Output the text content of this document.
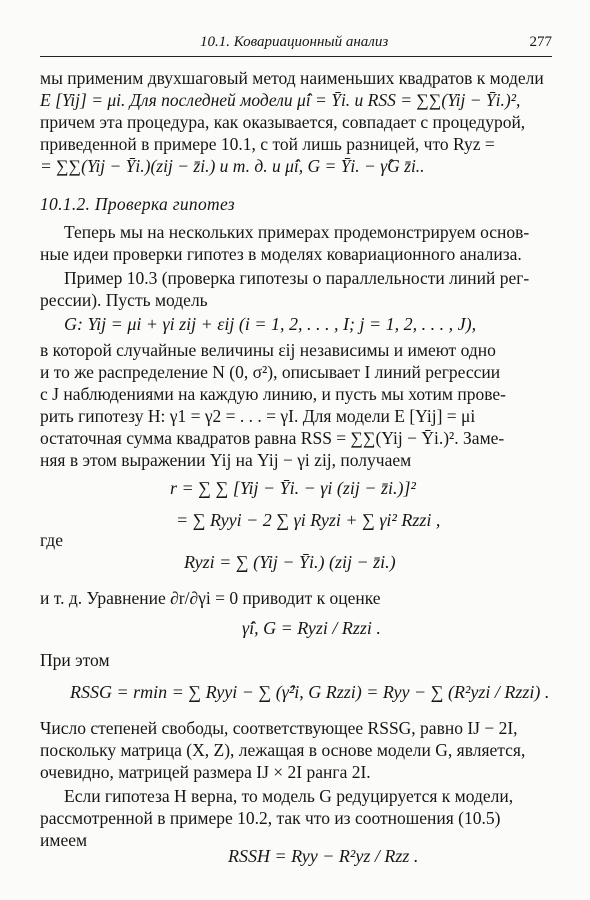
10.1. Ковариационный анализ	277
мы применим двухшаговый метод наименьших квадратов к модели
E [Yij] = μi. Для последней модели μ̂i = Ȳi. и RSS = ∑∑(Yij − Ȳi.)²,
причем эта процедура, как оказывается, совпадает с процедурой,
приведенной в примере 10.1, с той лишь разницей, что Ryz =
= ∑∑(Yij − Ȳi.)(zij − z̄i.) и т. д. и μ̂i, G = Ȳi. − γ̂G z̄i..
10.1.2. Проверка гипотез
Теперь мы на нескольких примерах продемонстрируем основ-
ные идеи проверки гипотез в моделях ковариационного анализа.
Пример 10.3 (проверка гипотезы о параллельности линий рег-
рессии). Пусть модель
G: Yij = μi + γi zij + εij (i = 1, 2, . . . , I; j = 1, 2, . . . , J),
в которой случайные величины εij независимы и имеют одно
и то же распределение N (0, σ²), описывает I линий регрессии
с J наблюдениями на каждую линию, и пусть мы хотим прове-
рить гипотезу H: γ1 = γ2 = . . . = γI. Для модели E [Yij] = μi
остаточная сумма квадратов равна RSS = ∑∑(Yij − Ȳi.)². Заме-
няя в этом выражении Yij на Yij − γi zij, получаем
r = ∑ ∑ [Yij − Ȳi. − γi (zij − z̄i.)]²
= ∑ Ryyi − 2 ∑ γi Ryzi + ∑ γi² Rzzi ,
где
Ryzi = ∑ (Yij − Ȳi.) (zij − z̄i.)
и т. д. Уравнение ∂r/∂γi = 0 приводит к оценке
γ̂i, G = Ryzi / Rzzi .
При этом
RSSG = rmin = ∑ Ryyi − ∑ (γ̂²i, G Rzzi) = Ryy − ∑ (R²yzi / Rzzi) .
Число степеней свободы, соответствующее RSSG, равно IJ − 2I,
поскольку матрица (X, Z), лежащая в основе модели G, является,
очевидно, матрицей размера IJ × 2I ранга 2I.
Если гипотеза H верна, то модель G редуцируется к модели,
рассмотренной в примере 10.2, так что из соотношения (10.5)
имеем
RSSH = Ryy − R²yz / Rzz .
